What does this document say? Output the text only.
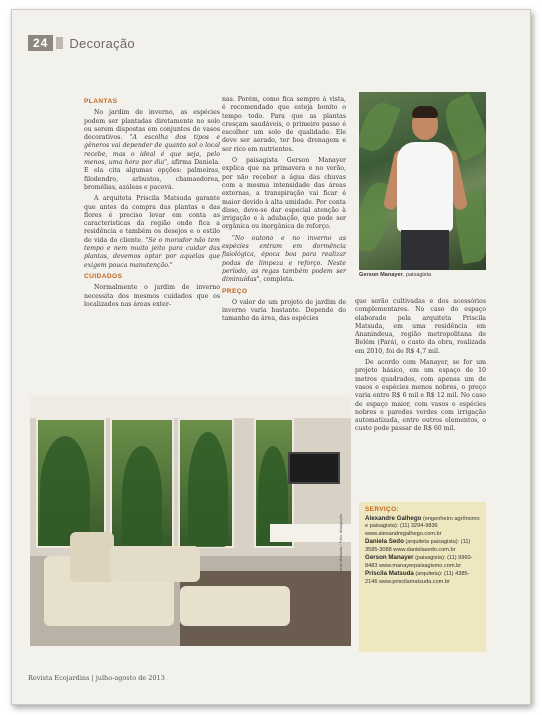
24	Decoração
PLANTAS

No jardim de inverno, as espécies podem ser plantadas diretamente no solo ou serem dispostas em conjuntos de vasos decorativos. "A escolha dos tipos e gêneros vai depender de quanto sol o local recebe, mas o ideal é que seja, pelo menos, uma hora por dia", afirma Daniela. E ela cita algumas opções: palmeiras, filodendro, arbustos, chamaedorea, bromélias, azáleas e pacová.

A arquiteta Priscila Matsuda garante que antes da compra das plantas e das flores é preciso levar em conta as características da região onde fica a residência e também os desejos e o estilo de vida do cliente. "Se o morador não tem tempo e nem muito jeito para cuidar das plantas, devemos optar por aquelas que exigem pouca manutenção."

CUIDADOS

Normalmente o jardim de inverno necessita dos mesmos cuidados que os localizados nas áreas exter-

nas. Porém, como fica sempre à vista, é recomendado que esteja bonito o tempo todo. Para que as plantas cresçam saudáveis, o primeiro passo é escolher um solo de qualidade. Ele deve ser aerado, ter boa drenagem e ser rico em nutrientes.

O paisagista Gerson Manayer explica que na primavera e no verão, por não receber a água das chuvas com a mesma intensidade das áreas externas, a transpiração vai ficar é maior devido à alta umidade. Por conta disso, deve-se dar especial atenção à irrigação e à adubação, que pode ser orgânica ou inorgânica de reforço.

"No outono e no inverno as espécies entram em dormência fisiológica, época boa para realizar podas de limpeza e reforço. Neste período, as regas também podem ser diminuídas", completa.

PREÇO

O valor de um projeto de jardim de inverno varia bastante. Depende do tamanho da área, das espécies

Gerson Manayer, paisagista

que serão cultivadas e dos acessórios complementares. No caso do espaço elaborado pela arquiteta Priscila Matsuda, em uma residência em Ananindeua, região metropolitana de Belém (Pará), o custo da obra, realizada em 2010, foi de R$ 4,7 mil.

De acordo com Manayer, se for um projeto básico, em um espaço de 10 metros quadrados, com apenas um de vasos e espécies menos nobres, o preço varia entre R$ 6 mil e R$ 12 mil. No caso de espaço maior, com vasos e espécies nobres e paredes verdes com irrigação automatizada, entre outros elementos, o custo pode passar de R$ 60 mil.

Priscila Matsuda / Foto: divulgação
SERVIÇO:
Alexandre Galhego (engenheiro agrônomo e paisagista): (11) 3294-9836 www.alexandregalhego.com.br
Daniela Sedo (arquiteta paisagista): (11) 3585-3088 www.danielasedo.com.br
Gerson Manayer (paisagista): (11) 9960-8483 www.manayerpaisagismo.com.br
Priscila Matsuda (arquiteta): (11) 4385-2146 www.priscilamatsuda.com.br
Revista Ecojardins | julho-agosto de 2013
